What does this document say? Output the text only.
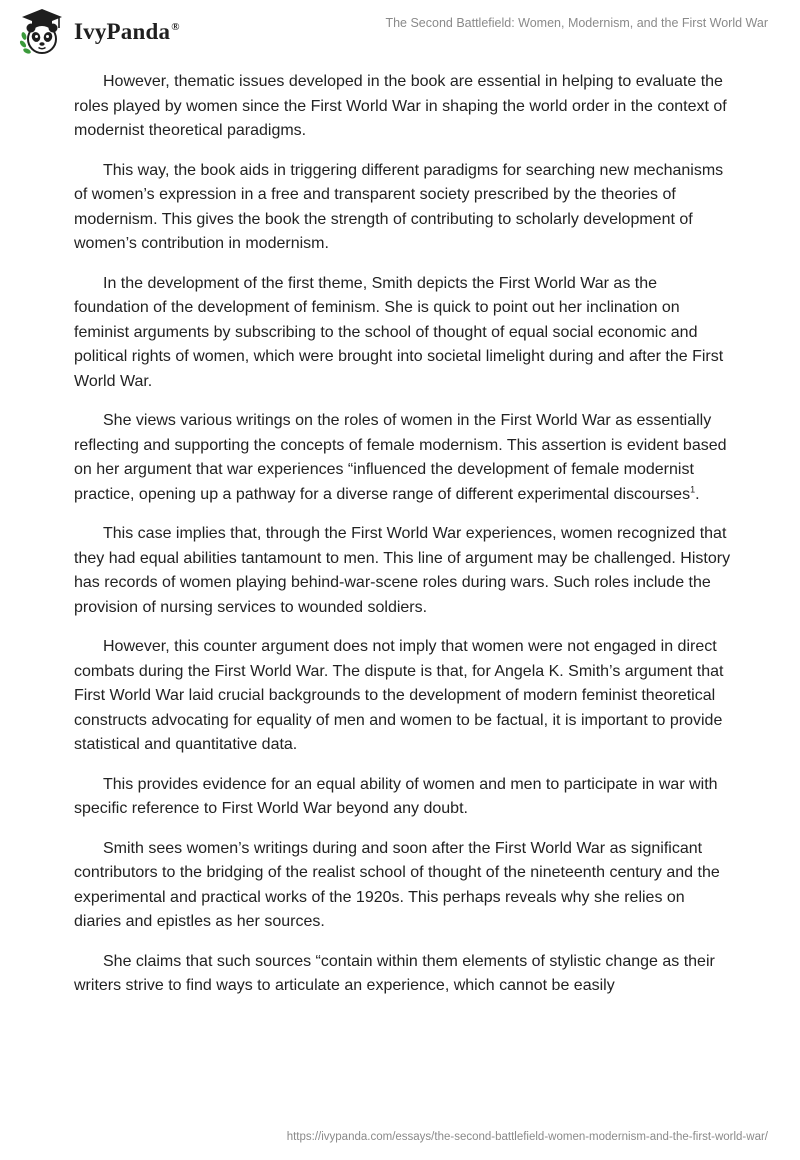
IvyPanda®	The Second Battlefield: Women, Modernism, and the First World War

However, thematic issues developed in the book are essential in helping to evaluate the roles played by women since the First World War in shaping the world order in the context of modernist theoretical paradigms.

This way, the book aids in triggering different paradigms for searching new mechanisms of women’s expression in a free and transparent society prescribed by the theories of modernism. This gives the book the strength of contributing to scholarly development of women’s contribution in modernism.

In the development of the first theme, Smith depicts the First World War as the foundation of the development of feminism. She is quick to point out her inclination on feminist arguments by subscribing to the school of thought of equal social economic and political rights of women, which were brought into societal limelight during and after the First World War.

She views various writings on the roles of women in the First World War as essentially reflecting and supporting the concepts of female modernism. This assertion is evident based on her argument that war experiences “influenced the development of female modernist practice, opening up a pathway for a diverse range of different experimental discourses$^1$.

This case implies that, through the First World War experiences, women recognized that they had equal abilities tantamount to men. This line of argument may be challenged. History has records of women playing behind-war-scene roles during wars. Such roles include the provision of nursing services to wounded soldiers.

However, this counter argument does not imply that women were not engaged in direct combats during the First World War. The dispute is that, for Angela K. Smith’s argument that First World War laid crucial backgrounds to the development of modern feminist theoretical constructs advocating for equality of men and women to be factual, it is important to provide statistical and quantitative data.

This provides evidence for an equal ability of women and men to participate in war with specific reference to First World War beyond any doubt.

Smith sees women’s writings during and soon after the First World War as significant contributors to the bridging of the realist school of thought of the nineteenth century and the experimental and practical works of the 1920s. This perhaps reveals why she relies on diaries and epistles as her sources.

She claims that such sources “contain within them elements of stylistic change as their writers strive to find ways to articulate an experience, which cannot be easily

https://ivypanda.com/essays/the-second-battlefield-women-modernism-and-the-first-world-war/
